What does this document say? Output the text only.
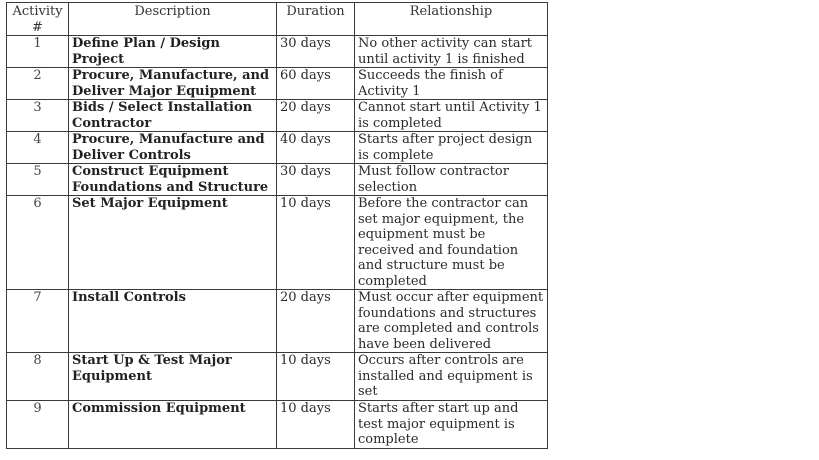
Activity #	Description	Duration	Relationship
1	Define Plan / Design Project	30 days	No other activity can start until activity 1 is finished
2	Procure, Manufacture, and Deliver Major Equipment	60 days	Succeeds the finish of Activity 1
3	Bids / Select Installation Contractor	20 days	Cannot start until Activity 1 is completed
4	Procure, Manufacture and Deliver Controls	40 days	Starts after project design is complete
5	Construct Equipment Foundations and Structure	30 days	Must follow contractor selection
6	Set Major Equipment	10 days	Before the contractor can set major equipment, the equipment must be received and foundation and structure must be completed
7	Install Controls	20 days	Must occur after equipment foundations and structures are completed and controls have been delivered
8	Start Up & Test Major Equipment	10 days	Occurs after controls are installed and equipment is set
9	Commission Equipment	10 days	Starts after start up and test major equipment is complete
